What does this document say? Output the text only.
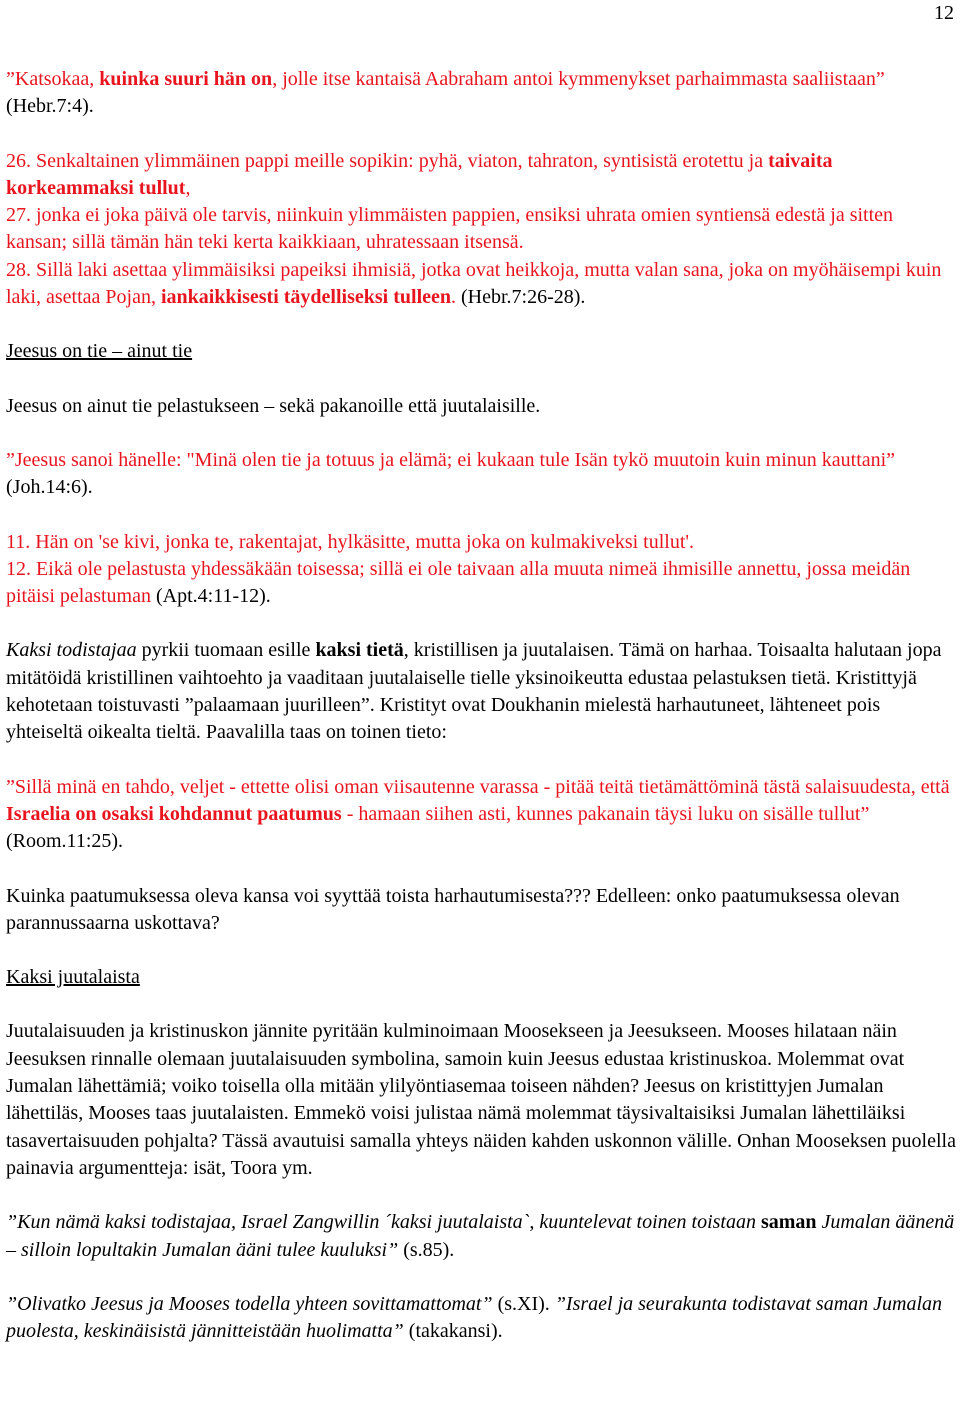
12

”Katsokaa, kuinka suuri hän on, jolle itse kantaisä Aabraham antoi kymmenykset parhaimmasta saaliistaan” (Hebr.7:4).

26. Senkaltainen ylimmäinen pappi meille sopikin: pyhä, viaton, tahraton, syntisistä erotettu ja taivaita korkeammaksi tullut,

27. jonka ei joka päivä ole tarvis, niinkuin ylimmäisten pappien, ensiksi uhrata omien syntiensä edestä ja sitten kansan; sillä tämän hän teki kerta kaikkiaan, uhratessaan itsensä.

28. Sillä laki asettaa ylimmäisiksi papeiksi ihmisiä, jotka ovat heikkoja, mutta valan sana, joka on myöhäisempi kuin laki, asettaa Pojan, iankaikkisesti täydelliseksi tulleen. (Hebr.7:26-28).

Jeesus on tie – ainut tie

Jeesus on ainut tie pelastukseen – sekä pakanoille että juutalaisille.

”Jeesus sanoi hänelle: "Minä olen tie ja totuus ja elämä; ei kukaan tule Isän tykö muutoin kuin minun kauttani” (Joh.14:6).

11. Hän on 'se kivi, jonka te, rakentajat, hylkäsitte, mutta joka on kulmakiveksi tullut'.

12. Eikä ole pelastusta yhdessäkään toisessa; sillä ei ole taivaan alla muuta nimeä ihmisille annettu, jossa meidän pitäisi pelastuman (Apt.4:11-12).

Kaksi todistajaa pyrkii tuomaan esille kaksi tietä, kristillisen ja juutalaisen. Tämä on harhaa. Toisaalta halutaan jopa mitätöidä kristillinen vaihtoehto ja vaaditaan juutalaiselle tielle yksinoikeutta edustaa pelastuksen tietä. Kristittyjä kehotetaan toistuvasti ”palaamaan juurilleen”. Kristityt ovat Doukhanin mielestä harhautuneet, lähteneet pois yhteiseltä oikealta tieltä. Paavalilla taas on toinen tieto:

”Sillä minä en tahdo, veljet - ettette olisi oman viisautenne varassa - pitää teitä tietämättöminä tästä salaisuudesta, että Israelia on osaksi kohdannut paatumus - hamaan siihen asti, kunnes pakanain täysi luku on sisälle tullut” (Room.11:25).

Kuinka paatumuksessa oleva kansa voi syyttää toista harhautumisesta??? Edelleen: onko paatumuksessa olevan parannussaarna uskottava?

Kaksi juutalaista

Juutalaisuuden ja kristinuskon jännite pyritään kulminoimaan Moosekseen ja Jeesukseen. Mooses hilataan näin Jeesuksen rinnalle olemaan juutalaisuuden symbolina, samoin kuin Jeesus edustaa kristinuskoa. Molemmat ovat Jumalan lähettämiä; voiko toisella olla mitään ylilyöntiasemaa toiseen nähden? Jeesus on kristittyjen Jumalan lähettiläs, Mooses taas juutalaisten. Emmekö voisi julistaa nämä molemmat täysivaltaisiksi Jumalan lähettiläiksi tasavertaisuuden pohjalta? Tässä avautuisi samalla yhteys näiden kahden uskonnon välille. Onhan Mooseksen puolella painavia argumentteja: isät, Toora ym.

”Kun nämä kaksi todistajaa, Israel Zangwillin ´kaksi juutalaista`, kuuntelevat toinen toistaan saman Jumalan äänenä – silloin lopultakin Jumalan ääni tulee kuuluksi” (s.85).

”Olivatko Jeesus ja Mooses todella yhteen sovittamattomat” (s.XI). ”Israel ja seurakunta todistavat saman Jumalan puolesta, keskinäisistä jännitteistään huolimatta” (takakansi).
